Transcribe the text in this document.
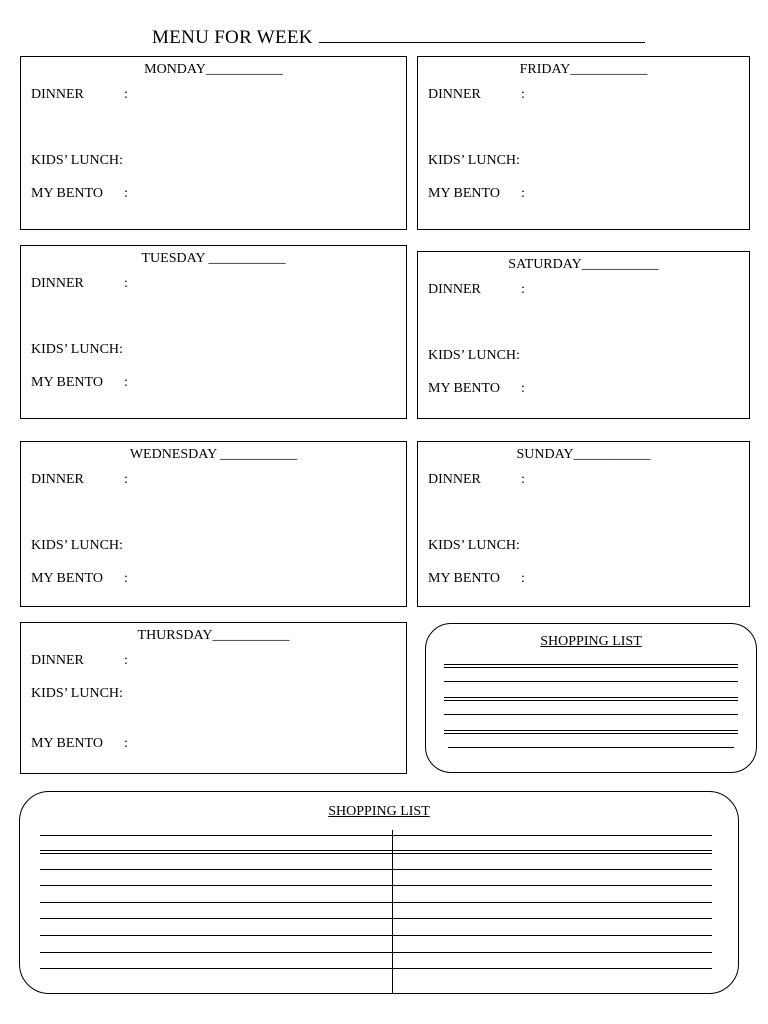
MENU FOR WEEK
MONDAY___________
DINNER	:
KIDS’ LUNCH:
MY BENTO :
FRIDAY___________
DINNER	:
KIDS’ LUNCH:
MY BENTO :
TUESDAY ___________
DINNER	:
KIDS’ LUNCH:
MY BENTO :
SATURDAY___________
DINNER	:
KIDS’ LUNCH:
MY BENTO :
WEDNESDAY ___________
DINNER	:
KIDS’ LUNCH:
MY BENTO :
SUNDAY___________
DINNER	:
KIDS’ LUNCH:
MY BENTO :
THURSDAY___________
DINNER	:
KIDS’ LUNCH:
MY BENTO :
SHOPPING LIST
SHOPPING LIST
